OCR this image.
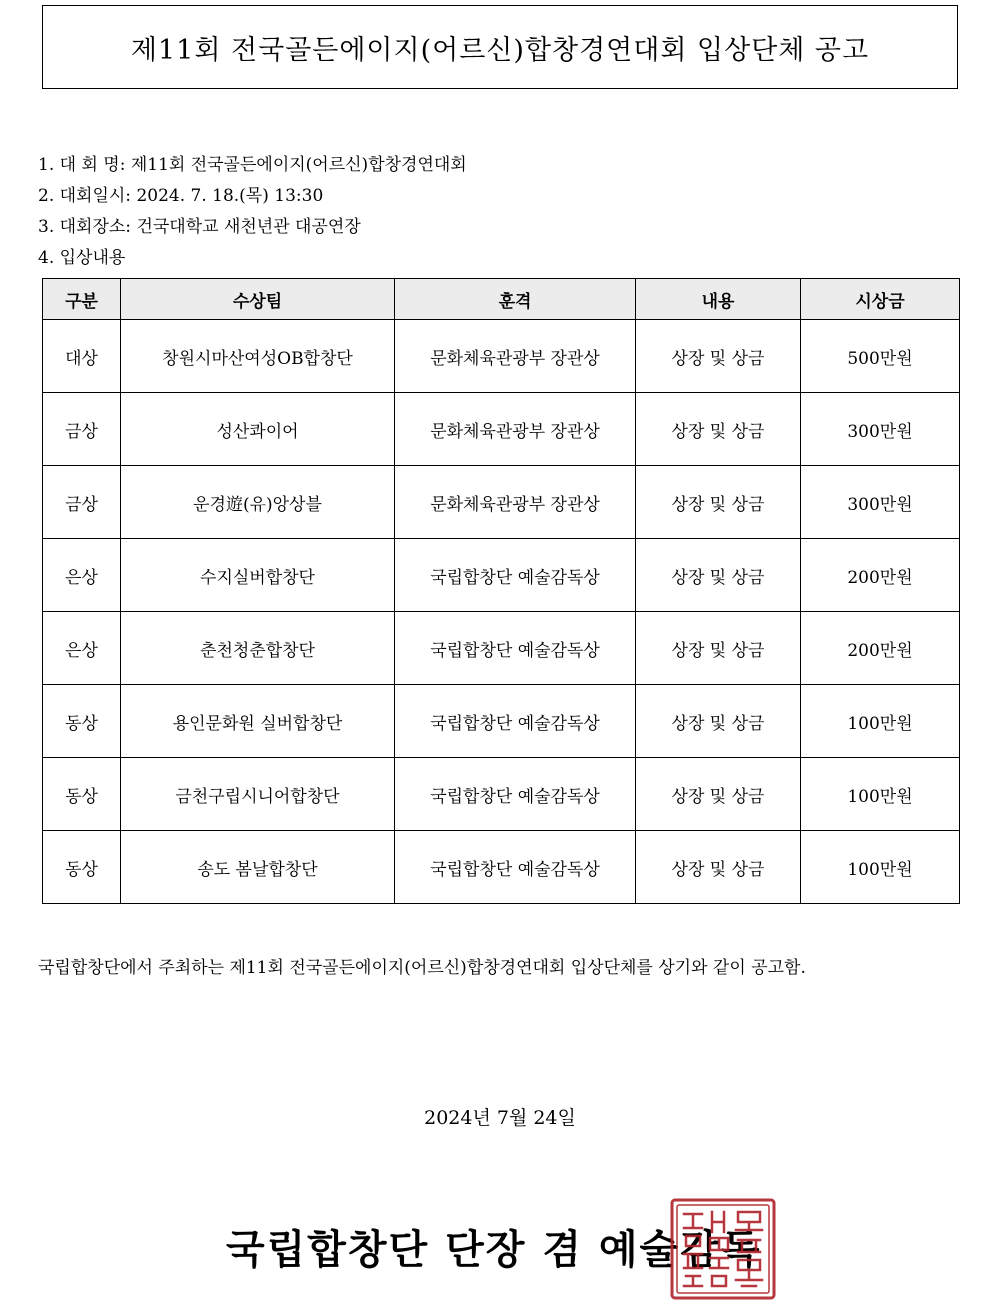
제11회 전국골든에이지(어르신)합창경연대회 입상단체 공고
1. 대 회 명: 제11회 전국골든에이지(어르신)합창경연대회
2. 대회일시: 2024. 7. 18.(목) 13:30
3. 대회장소: 건국대학교 새천년관 대공연장
4. 입상내용
구분	수상팀	훈격	내용	시상금
대상	창원시마산여성OB합창단	문화체육관광부 장관상	상장 및 상금	500만원
금상	성산콰이어	문화체육관광부 장관상	상장 및 상금	300만원
금상	운경遊(유)앙상블	문화체육관광부 장관상	상장 및 상금	300만원
은상	수지실버합창단	국립합창단 예술감독상	상장 및 상금	200만원
은상	춘천청춘합창단	국립합창단 예술감독상	상장 및 상금	200만원
동상	용인문화원 실버합창단	국립합창단 예술감독상	상장 및 상금	100만원
동상	금천구립시니어합창단	국립합창단 예술감독상	상장 및 상금	100만원
동상	송도 봄날합창단	국립합창단 예술감독상	상장 및 상금	100만원
국립합창단에서 주최하는 제11회 전국골든에이지(어르신)합창경연대회 입상단체를 상기와 같이 공고함.
2024년 7월 24일
국립합창단 단장 겸 예술감독
